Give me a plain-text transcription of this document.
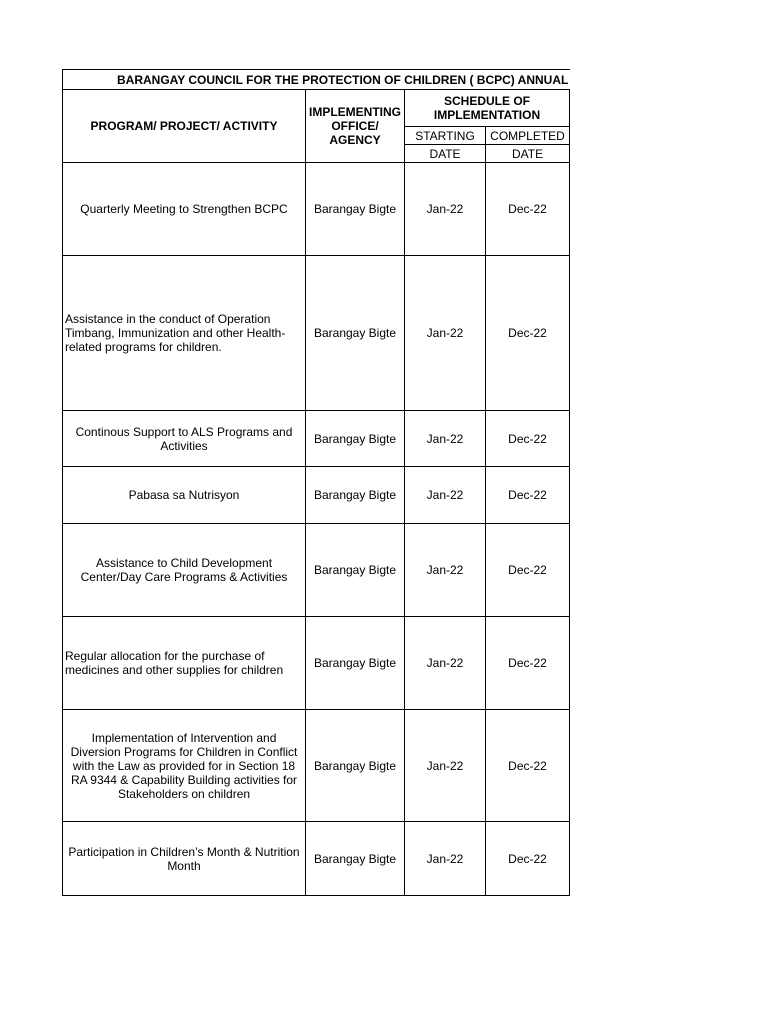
BARANGAY COUNCIL FOR THE PROTECTION OF CHILDREN ( BCPC) ANNUAL			
PROGRAM/ PROJECT/ ACTIVITY	IMPLEMENTING OFFICE/ AGENCY	SCHEDULE OF IMPLEMENTATION	
		STARTING	COMPLETED
		DATE	DATE
Quarterly Meeting to Strengthen BCPC	Barangay Bigte	Jan-22	Dec-22
Assistance in the conduct of Operation Timbang, Immunization and other Health-related programs for children.	Barangay Bigte	Jan-22	Dec-22
Continous Support to ALS Programs and Activities	Barangay Bigte	Jan-22	Dec-22
Pabasa sa Nutrisyon	Barangay Bigte	Jan-22	Dec-22
Assistance to Child Development Center/Day Care Programs & Activities	Barangay Bigte	Jan-22	Dec-22
Regular allocation for the purchase of medicines and other supplies for children	Barangay Bigte	Jan-22	Dec-22
Implementation of Intervention and Diversion Programs for Children in Conflict with the Law as provided for in Section 18 RA 9344 & Capability Building activities for Stakeholders on children	Barangay Bigte	Jan-22	Dec-22
Participation in Children’s Month & Nutrition Month	Barangay Bigte	Jan-22	Dec-22
